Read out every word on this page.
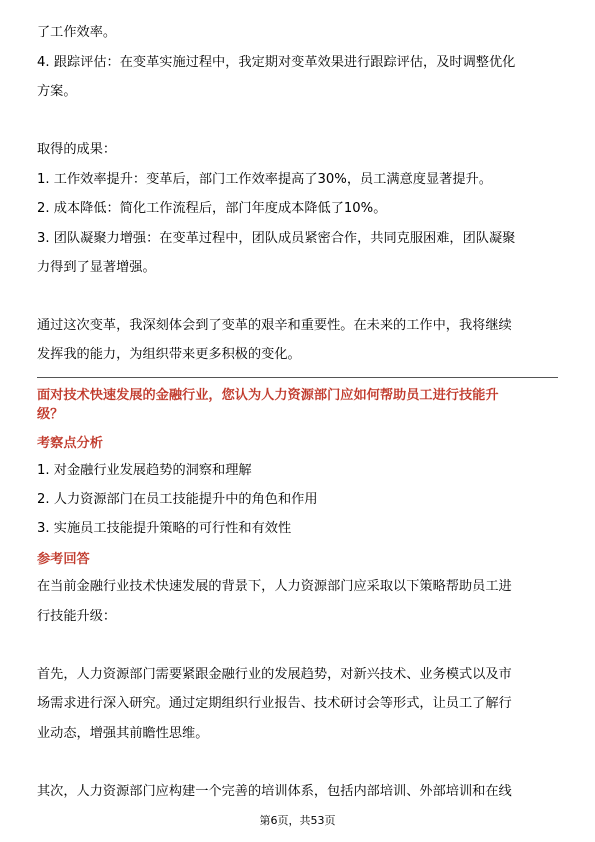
了工作效率。
4. 跟踪评估：在变革实施过程中，我定期对变革效果进行跟踪评估，及时调整优化
方案。
取得的成果：
1. 工作效率提升：变革后，部门工作效率提高了30%，员工满意度显著提升。
2. 成本降低：简化工作流程后，部门年度成本降低了10%。
3. 团队凝聚力增强：在变革过程中，团队成员紧密合作，共同克服困难，团队凝聚
力得到了显著增强。
通过这次变革，我深刻体会到了变革的艰辛和重要性。在未来的工作中，我将继续
发挥我的能力，为组织带来更多积极的变化。
面对技术快速发展的金融行业，您认为人力资源部门应如何帮助员工进行技能升
级？
考察点分析
1. 对金融行业发展趋势的洞察和理解
2. 人力资源部门在员工技能提升中的角色和作用
3. 实施员工技能提升策略的可行性和有效性
参考回答
在当前金融行业技术快速发展的背景下，人力资源部门应采取以下策略帮助员工进
行技能升级：
首先，人力资源部门需要紧跟金融行业的发展趋势，对新兴技术、业务模式以及市
场需求进行深入研究。通过定期组织行业报告、技术研讨会等形式，让员工了解行
业动态，增强其前瞻性思维。
其次，人力资源部门应构建一个完善的培训体系，包括内部培训、外部培训和在线
第6页，共53页
